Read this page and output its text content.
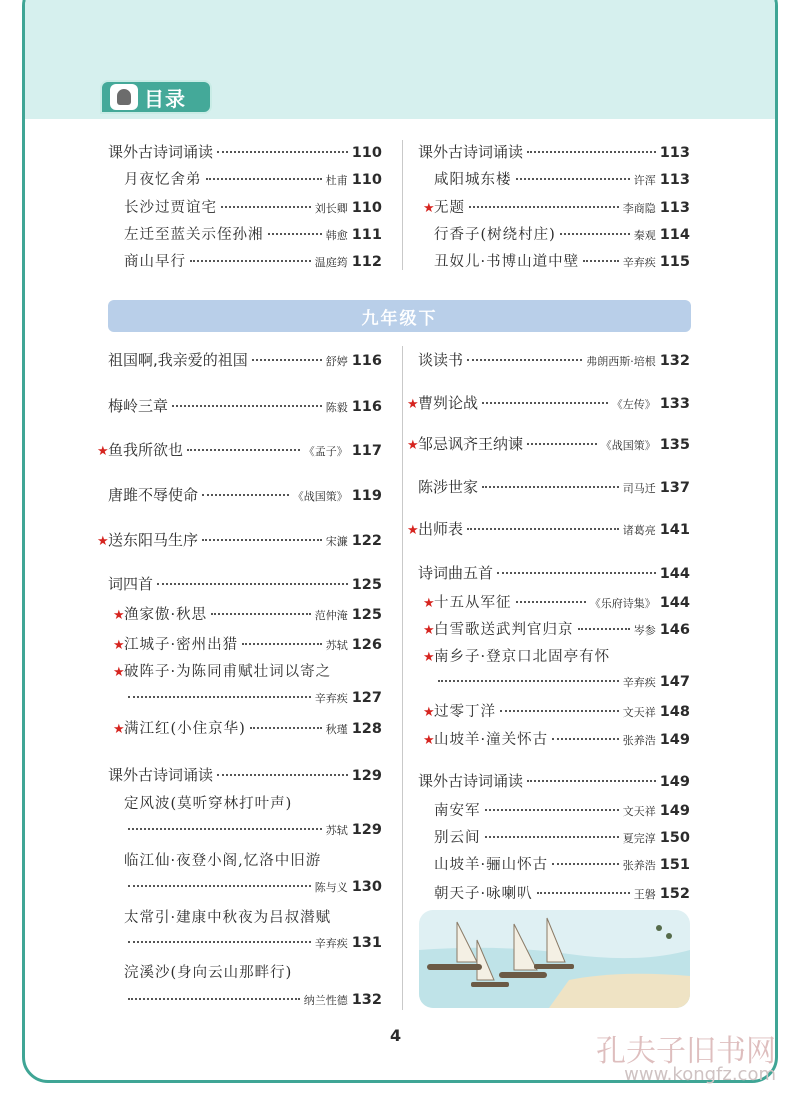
目录
课外古诗词诵读	110
月夜忆舍弟	杜甫 110
长沙过贾谊宅	刘长卿 110
左迁至蓝关示侄孙湘	韩愈 111
商山早行	温庭筠 112
课外古诗词诵读	113
咸阳城东楼	许浑 113
★ 无题	李商隐 113
行香子(树绕村庄)	秦观 114
丑奴儿·书博山道中壁	辛弃疾 115
九年级下
祖国啊,我亲爱的祖国	舒婷 116
梅岭三章	陈毅 116
★ 鱼我所欲也	《孟子》 117
唐雎不辱使命	《战国策》 119
★ 送东阳马生序	宋濂 122
词四首	125
★ 渔家傲·秋思	范仲淹 125
★ 江城子·密州出猎	苏轼 126
★ 破阵子·为陈同甫赋壮词以寄之
辛弃疾 127
★ 满江红(小住京华)	秋瑾 128
课外古诗词诵读	129
定风波(莫听穿林打叶声)
苏轼 129
临江仙·夜登小阁,忆洛中旧游
陈与义 130
太常引·建康中秋夜为吕叔潜赋
辛弃疾 131
浣溪沙(身向云山那畔行)
纳兰性德 132
谈读书	弗朗西斯·培根 132
★ 曹刿论战	《左传》 133
★ 邹忌讽齐王纳谏	《战国策》 135
陈涉世家	司马迁 137
★ 出师表	诸葛亮 141
诗词曲五首	144
★ 十五从军征	《乐府诗集》 144
★ 白雪歌送武判官归京	岑参 146
★ 南乡子·登京口北固亭有怀
辛弃疾 147
★ 过零丁洋	文天祥 148
★ 山坡羊·潼关怀古	张养浩 149
课外古诗词诵读	149
南安军	文天祥 149
别云间	夏完淳 150
山坡羊·骊山怀古	张养浩 151
朝天子·咏喇叭	王磐 152
4	孔夫子旧书网
www.kongfz.com
